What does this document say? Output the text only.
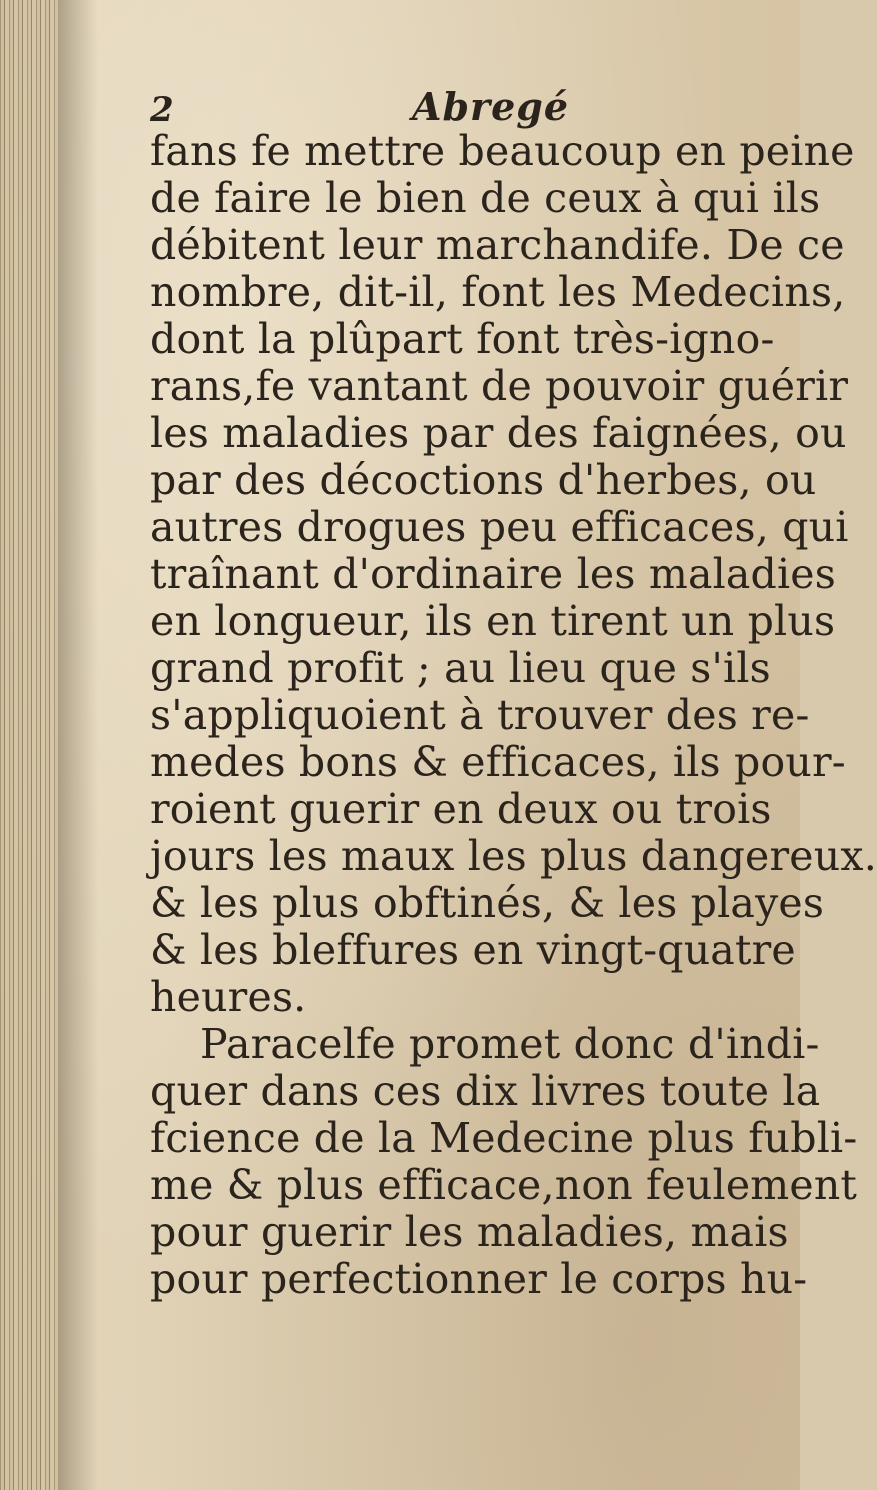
2	Abregé
fans fe mettre beaucoup en peine
de faire le bien de ceux à qui ils
débitent leur marchandife. De ce
nombre, dit-il, font les Medecins,
dont la plûpart font très-igno-
rans,fe vantant de pouvoir guérir
les maladies par des faignées, ou
par des décoctions d'herbes, ou
autres drogues peu efficaces, qui
traînant d'ordinaire les maladies
en longueur, ils en tirent un plus
grand profit ; au lieu que s'ils
s'appliquoient à trouver des re-
medes bons & efficaces, ils pour-
roient guerir en deux ou trois
jours les maux les plus dangereux.
& les plus obftinés, & les playes
& les bleffures en vingt-quatre
heures.
Paracelfe promet donc d'indi-
quer dans ces dix livres toute la
fcience de la Medecine plus fubli-
me & plus efficace,non feulement
pour guerir les maladies, mais
pour perfectionner le corps hu-
